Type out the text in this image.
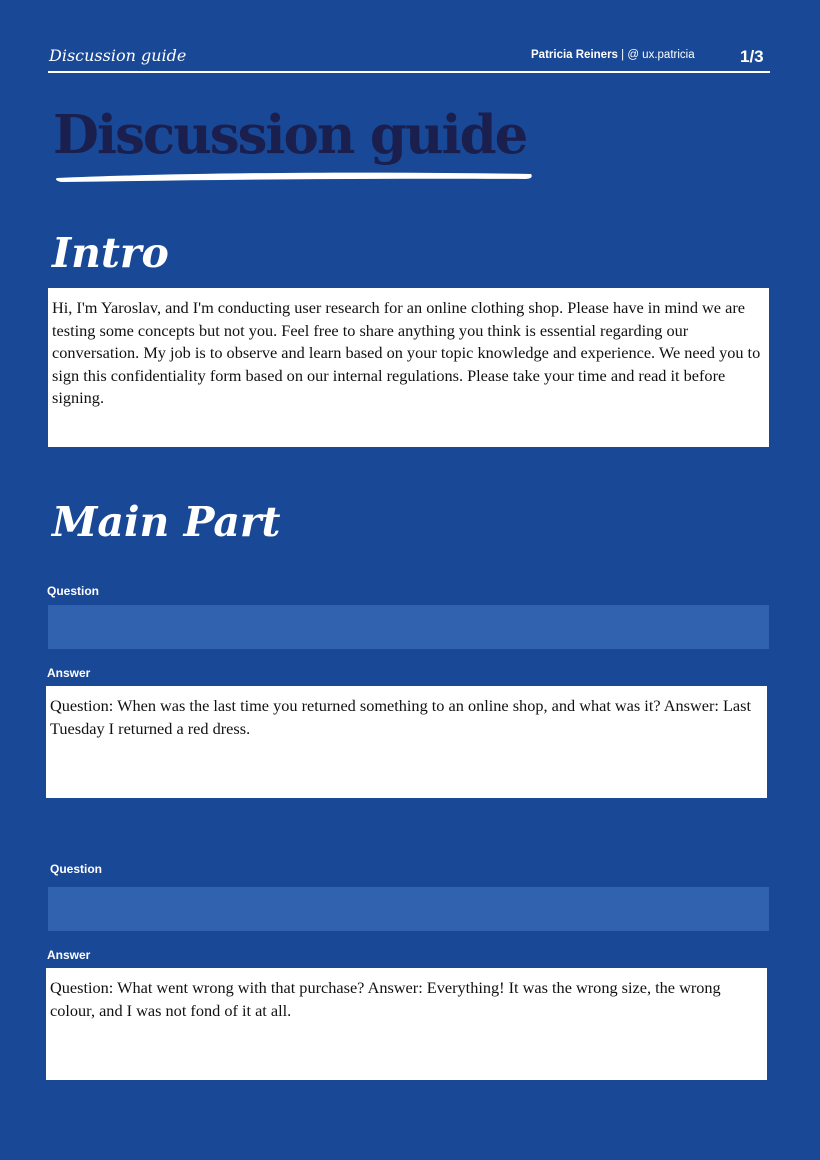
Discussion guide	Patricia Reiners | @ ux.patricia	1/3
Discussion guide
Intro
Hi, I'm Yaroslav, and I'm conducting user research for an online clothing shop. Please have in mind we are testing some concepts but not you. Feel free to share anything you think is essential regarding our conversation. My job is to observe and learn based on your topic knowledge and experience. We need you to sign this confidentiality form based on our internal regulations. Please take your time and read it before signing.
Main Part
Question
Answer
Question: When was the last time you returned something to an online shop, and what was it? Answer: Last Tuesday I returned a red dress.
Question
Answer
Question: What went wrong with that purchase? Answer: Everything! It was the wrong size, the wrong colour, and I was not fond of it at all.
